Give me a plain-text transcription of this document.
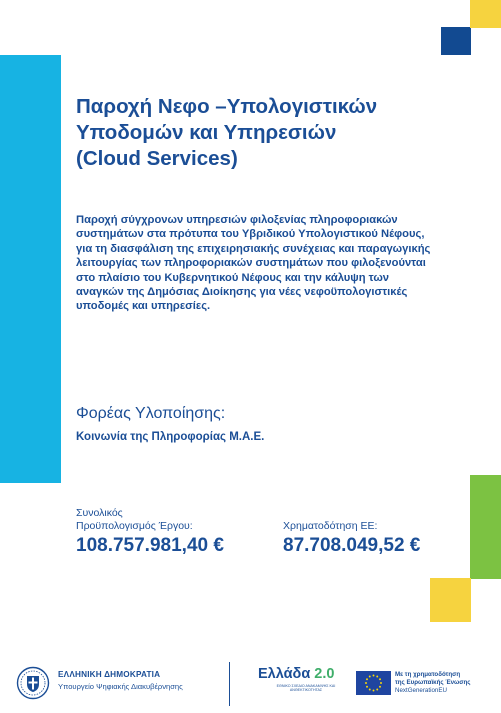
Παροχή Νεφο –Υπολογιστικών
Υποδομών και Υπηρεσιών
(Cloud Services)
Παροχή σύγχρονων υπηρεσιών φιλοξενίας πληροφοριακών
συστημάτων στα πρότυπα του Υβριδικού Υπολογιστικού Νέφους,
για τη διασφάλιση της επιχειρησιακής συνέχειας και παραγωγικής
λειτουργίας των πληροφοριακών συστημάτων που φιλοξενούνται
στο πλαίσιο του Κυβερνητικού Νέφους και την κάλυψη των
αναγκών της Δημόσιας Διοίκησης για νέες νεφοϋπολογιστικές
υποδομές και υπηρεσίες.
Φορέας Υλοποίησης:
Κοινωνία της Πληροφορίας Μ.Α.Ε.
Συνολικός
Προϋπολογισμός Έργου:
108.757.981,40 €
Χρηματοδότηση ΕΕ:
87.708.049,52 €
ΕΛΛΗΝΙΚΗ ΔΗΜΟΚΡΑΤΙΑ
Υπουργείο Ψηφιακής Διακυβέρνησης
Ελλάδα 2.0
ΕΘΝΙΚΟ ΣΧΕΔΙΟ ΑΝΑΚΑΜΨΗΣ ΚΑΙ ΑΝΘΕΚΤΙΚΟΤΗΤΑΣ
Με τη χρηματοδότηση
της Ευρωπαϊκής Ένωσης
NextGenerationEU
